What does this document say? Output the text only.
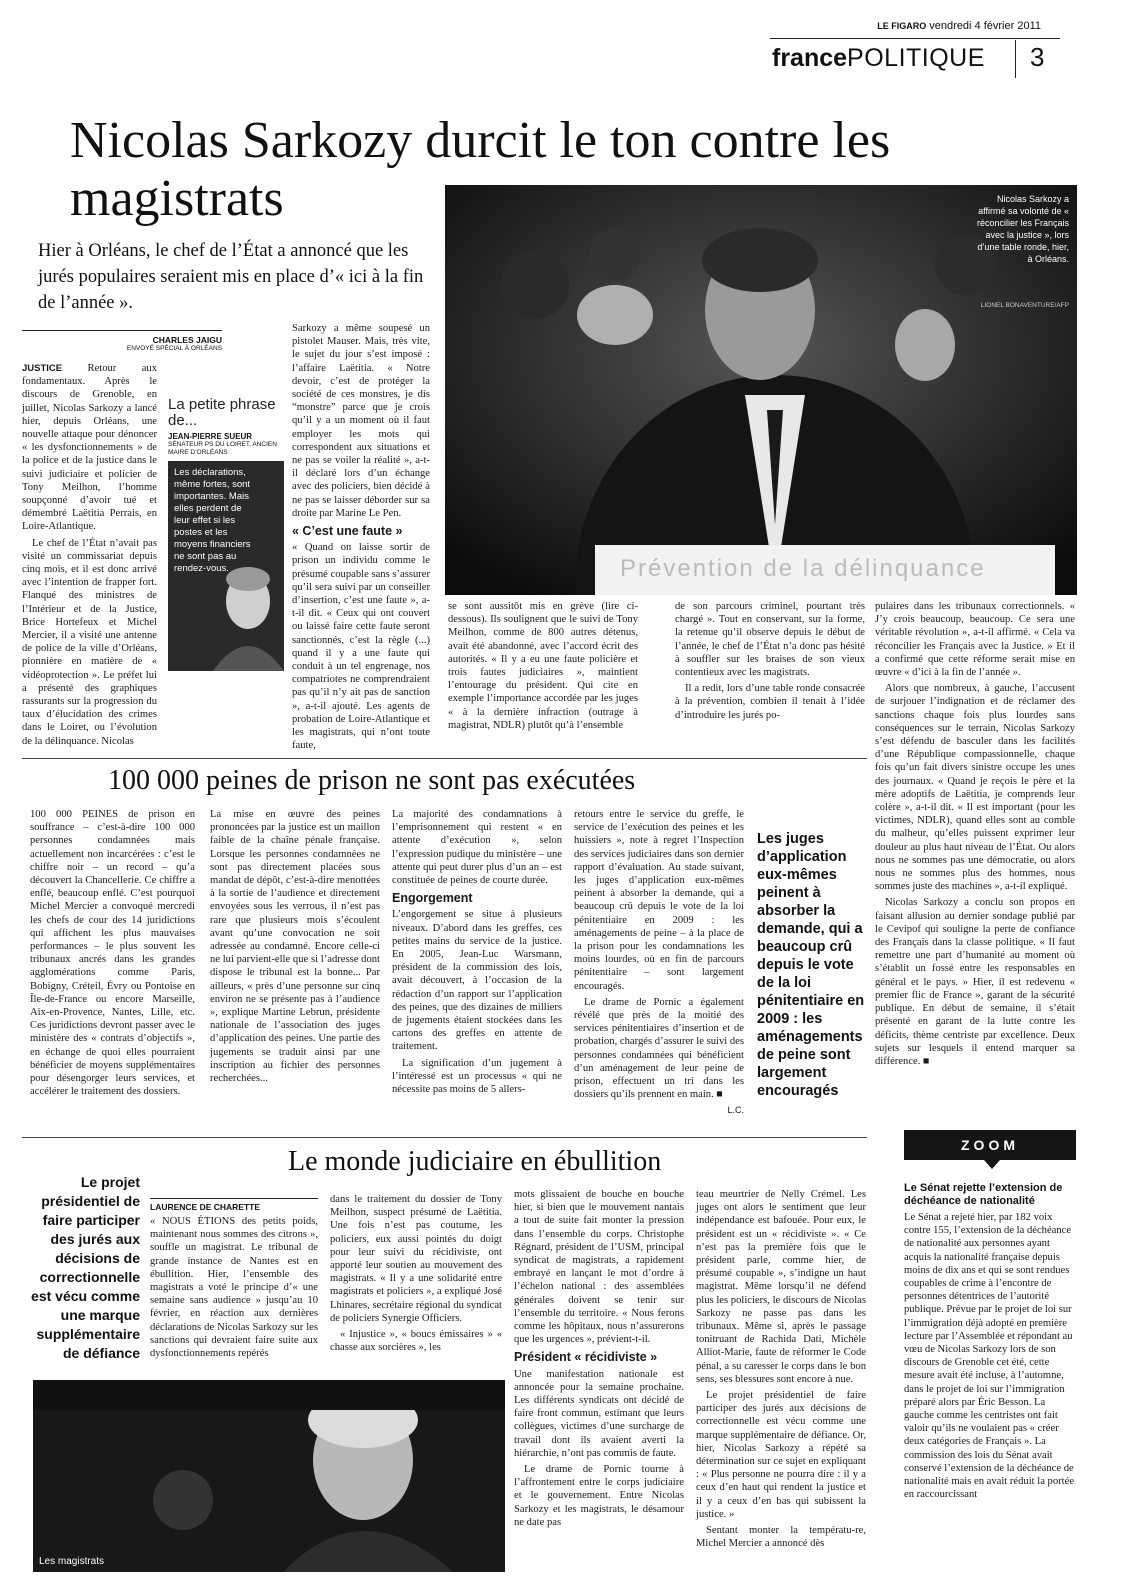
LE FIGARO vendredi 4 février 2011
francePOLITIQUE 3
Nicolas Sarkozy durcit le ton contre les magistrats
Hier à Orléans, le chef de l’État a annoncé que les jurés populaires seraient mis en place d’« ici à la fin de l’année ».
Prévention de la délinquance
Nicolas Sarkozy a affirmé sa volonté de « réconcilier les Français avec la justice », lors d’une table ronde, hier, à Orléans.
LIONEL BONAVENTURE/AFP
CHARLES JAIGU
ENVOYÉ SPÉCIAL À ORLÉANS

JUSTICE Retour aux fondamentaux. Après le discours de Grenoble, en juillet, Nicolas Sarkozy a lancé hier, depuis Orléans, une nouvelle attaque pour dénoncer « les dysfonctionnements » de la police et de la justice dans le suivi judiciaire et policier de Tony Meilhon, l’homme soupçonné d’avoir tué et démembré Laëtitia Perrais, en Loire-Atlantique.

Le chef de l’État n’avait pas visité un commissariat depuis cinq mois, et il est donc arrivé avec l’intention de frapper fort. Flanqué des ministres de l’Intérieur et de la Justice, Brice Hortefeux et Michel Mercier, il a visité une antenne de police de la ville d’Orléans, pionnière en matière de « vidéoprotection ». Le préfet lui a présenté des graphiques rassurants sur la progression du taux d’élucidation des crimes dans le Loiret, ou l’évolution de la délinquance. Nicolas

La petite phrase de...
JEAN-PIERRE SUEUR
SÉNATEUR PS DU LOIRET, ANCIEN MAIRE D’ORLÉANS
Les déclarations, même fortes, sont importantes. Mais elles perdent de leur effet si les postes et les moyens financiers ne sont pas au rendez-vous.

Sarkozy a même soupesé un pistolet Mauser. Mais, très vite, le sujet du jour s’est imposé : l’affaire Laëtitia. « Notre devoir, c’est de protéger la société de ces monstres, je dis “monstre” parce que je crois qu’il y a un moment où il faut employer les mots qui correspondent aux situations et ne pas se voiler la réalité », a-t-il déclaré lors d’un échange avec des policiers, bien décidé à ne pas se laisser déborder sur sa droite par Marine Le Pen.

« C’est une faute »

« Quand on laisse sortir de prison un individu comme le présumé coupable sans s’assurer qu’il sera suivi par un conseiller d’insertion, c’est une faute », a-t-il dit. « Ceux qui ont couvert ou laissé faire cette faute seront sanctionnés, c’est la règle (...) quand il y a une faute qui conduit à un tel engrenage, nos compatriotes ne comprendraient pas qu’il n’y ait pas de sanction », a-t-il ajouté. Les agents de probation de Loire-Atlantique et les magistrats, qui n’ont toute faute,

se sont aussitôt mis en grève (lire ci-dessous). Ils soulignent que le suivi de Tony Meilhon, comme de 800 autres détenus, avait été abandonné, avec l’accord écrit des autorités. « Il y a eu une faute policière et trois fautes judiciaires », maintient l’entourage du président. Qui cite en exemple l’importance accordée par les juges « à la dernière infraction (outrage à magistrat, NDLR) plutôt qu’à l’ensemble

de son parcours criminel, pourtant très chargé ». Tout en conservant, sur la forme, la retenue qu’il observe depuis le début de l’année, le chef de l’État n’a donc pas hésité à souffler sur les braises de son vieux contentieux avec les magistrats.

Il a redit, lors d’une table ronde consacrée à la prévention, combien il tenait à l’idée d’introduire les jurés po-

pulaires dans les tribunaux correctionnels. « J’y crois beaucoup, beaucoup. Ce sera une véritable révolution », a-t-il affirmé. « Cela va réconcilier les Français avec la Justice. » Et il a confirmé que cette réforme serait mise en œuvre « d’ici à la fin de l’année ».

Alors que nombreux, à gauche, l’accusent de surjouer l’indignation et de réclamer des sanctions chaque fois plus lourdes sans conséquences sur le terrain, Nicolas Sarkozy s’est défendu de basculer dans les facilités d’une République compassionnelle, chaque fois qu’un fait divers sinistre occupe les unes des journaux. « Quand je reçois le père et la mère adoptifs de Laëtitia, je comprends leur colère », a-t-il dit. « Il est important (pour les victimes, NDLR), quand elles sont au comble du malheur, qu’elles puissent exprimer leur douleur au plus haut niveau de l’État. Ou alors nous ne sommes pas une démocratie, ou alors nous ne sommes plus des hommes, nous sommes juste des machines », a-t-il expliqué.

Nicolas Sarkozy a conclu son propos en faisant allusion au dernier sondage publié par le Cevipof qui souligne la perte de confiance des Français dans la classe politique. « Il faut remettre une part d’humanité au moment où s’établit un fossé entre les responsables en général et le pays. » Hier, il est redevenu « premier flic de France », garant de la sécurité publique. En début de semaine, il s’était présenté en garant de la lutte contre les déficits, thème centriste par excellence. Deux sujets sur lesquels il entend marquer sa différence. ■

100 000 peines de prison ne sont pas exécutées

100 000 PEINES de prison en souffrance – c’est-à-dire 100 000 personnes condamnées mais actuellement non incarcérées : c’est le chiffre noir – un record – qu’a découvert la Chancellerie. Ce chiffre a enflé, beaucoup enflé. C’est pourquoi Michel Mercier a convoqué mercredi les chefs de cour des 14 juridictions qui affichent les plus mauvaises performances – le plus souvent les tribunaux ancrés dans les grandes agglomérations comme Paris, Bobigny, Créteil, Évry ou Pontoise en Île-de-France ou encore Marseille, Aix-en-Provence, Nantes, Lille, etc. Ces juridictions devront passer avec le ministère des « contrats d’objectifs », en échange de quoi elles pourraient bénéficier de moyens supplémentaires pour désengorger leurs services, et accélérer le traitement des dossiers.

La mise en œuvre des peines prononcées par la justice est un maillon faible de la chaîne pénale française. Lorsque les personnes condamnées ne sont pas directement placées sous mandat de dépôt, c’est-à-dire menottées à la sortie de l’audience et directement envoyées sous les verrous, il n’est pas rare que plusieurs mois s’écoulent avant qu’une convocation ne soit adressée au condamné. Encore celle-ci ne lui parvient-elle que si l’adresse dont dispose le tribunal est la bonne... Par ailleurs, « près d’une personne sur cinq environ ne se présente pas à l’audience », explique Martine Lebrun, présidente nationale de l’association des juges d’application des peines. Une partie des jugements se traduit ainsi par une inscription au fichier des personnes recherchées...

La majorité des condamnations à l’emprisonnement qui restent « en attente d’exécution », selon l’expression pudique du ministère – une attente qui peut durer plus d’un an – est constituée de peines de courte durée.

Engorgement

L’engorgement se situe à plusieurs niveaux. D’abord dans les greffes, ces petites mains du service de la justice. En 2005, Jean-Luc Warsmann, président de la commission des lois, avait découvert, à l’occasion de la rédaction d’un rapport sur l’application des peines, que des dizaines de milliers de jugements étaient stockées dans les cartons des greffes en attente de traitement.

La signification d’un jugement à l’intéressé est un processus « qui ne nécessite pas moins de 5 allers-

retours entre le service du greffe, le service de l’exécution des peines et les huissiers », note à regret l’Inspection des services judiciaires dans son dernier rapport d’évaluation. Au stade suivant, les juges d’application eux-mêmes peinent à absorber la demande, qui a beaucoup crû depuis le vote de la loi pénitentiaire en 2009 : les aménagements de peine – à la place de la prison pour les condamnations les moins lourdes, où en fin de parcours pénitentiaire – sont largement encouragés.

Le drame de Pornic a également révélé que près de la moitié des services pénitentiaires d’insertion et de probation, chargés d’assurer le suivi des personnes condamnées qui bénéficient d’un aménagement de leur peine de prison, effectuent un tri dans les dossiers qu’ils prennent en main. ■

L.C.
Les juges d’application eux-mêmes peinent à absorber la demande, qui a beaucoup crû depuis le vote de la loi pénitentiaire en 2009 : les aménagements de peine sont largement encouragés
Le monde judiciaire en ébullition
Le projet présidentiel de faire participer des jurés aux décisions de correctionnelle est vécu comme une marque supplémentaire de défiance
LAURENCE DE CHARETTE

« NOUS ÉTIONS des petits poids, maintenant nous sommes des citrons », souffle un magistrat. Le tribunal de grande instance de Nantes est en ébullition. Hier, l’ensemble des magistrats a voté le principe d’« une semaine sans audience » jusqu’au 10 février, en réaction aux dernières déclarations de Nicolas Sarkozy sur les sanctions qui devraient faire suite aux dysfonctionnements repérés

dans le traitement du dossier de Tony Meilhon, suspect présumé de Laëtitia. Une fois n’est pas coutume, les policiers, eux aussi pointés du doigt pour leur suivi du récidiviste, ont apporté leur soutien au mouvement des magistrats. « Il y a une solidarité entre magistrats et policiers », a expliqué José Lhinares, secrétaire régional du syndicat de policiers Synergie Officiers.

« Injustice », « boucs émissaires » « chasse aux sorcières », les

mots glissaient de bouche en bouche hier, si bien que le mouvement nantais a tout de suite fait monter la pression dans l’ensemble du corps. Christophe Régnard, président de l’USM, principal syndicat de magistrats, a rapidement embrayé en lançant le mot d’ordre à l’échelon national : des assemblées générales doivent se tenir sur l’ensemble du territoire. « Nous ferons comme les hôpitaux, nous n’assurerons que les urgences », prévient-t-il.

Président « récidiviste »

Une manifestation nationale est annoncée pour la semaine prochaine. Les différents syndicats ont décidé de faire front commun, estimant que leurs collègues, victimes d’une surcharge de travail dont ils avaient averti la hiérarchie, n’ont pas commis de faute.

Le drame de Pornic tourne à l’affrontement entre le corps judiciaire et le gouvernement. Entre Nicolas Sarkozy et les magistrats, le désamour ne date pas

teau meurtrier de Nelly Crémel. Les juges ont alors le sentiment que leur indépendance est bafouée. Pour eux, le président est un « récidiviste ». « Ce n’est pas la première fois que le président parle, comme hier, de présumé coupable », s’indigne un haut magistrat. Même lorsqu’il ne défend plus les policiers, le discours de Nicolas Sarkozy ne passe pas dans les tribunaux. Même si, après le passage tonitruant de Rachida Dati, Michèle Alliot-Marie, faute de réformer le Code pénal, a su caresser le corps dans le bon sens, ses blessures sont encore à nue.

Le projet présidentiel de faire participer des jurés aux décisions de correctionnelle est vécu comme une marque supplémentaire de défiance. Or, hier, Nicolas Sarkozy a répété sa détermination sur ce sujet en expliquant : « Plus personne ne pourra dire : il y a ceux d’en haut qui rendent la justice et il y a ceux d’en bas qui subissent la justice. »

Sentant monter la températu-re, Michel Mercier a annoncé dès

Les magistrats
ZOOM
Le Sénat rejette l’extension de déchéance de nationalité
Le Sénat a rejeté hier, par 182 voix contre 155, l’extension de la déchéance de nationalité aux personnes ayant acquis la nationalité française depuis moins de dix ans et qui se sont rendues coupables de crime à l’encontre de personnes détentrices de l’autorité publique. Prévue par le projet de loi sur l’immigration déjà adopté en première lecture par l’Assemblée et répondant au vœu de Nicolas Sarkozy lors de son discours de Grenoble cet été, cette mesure avait été incluse, à l’automne, dans le projet de loi sur l’immigration préparé alors par Éric Besson. La gauche comme les centristes ont fait valoir qu’ils ne voulaient pas « créer deux catégories de Français ». La commission des lois du Sénat avait conservé l’extension de la déchéance de nationalité mais en avait réduit la portée en raccourcissant
